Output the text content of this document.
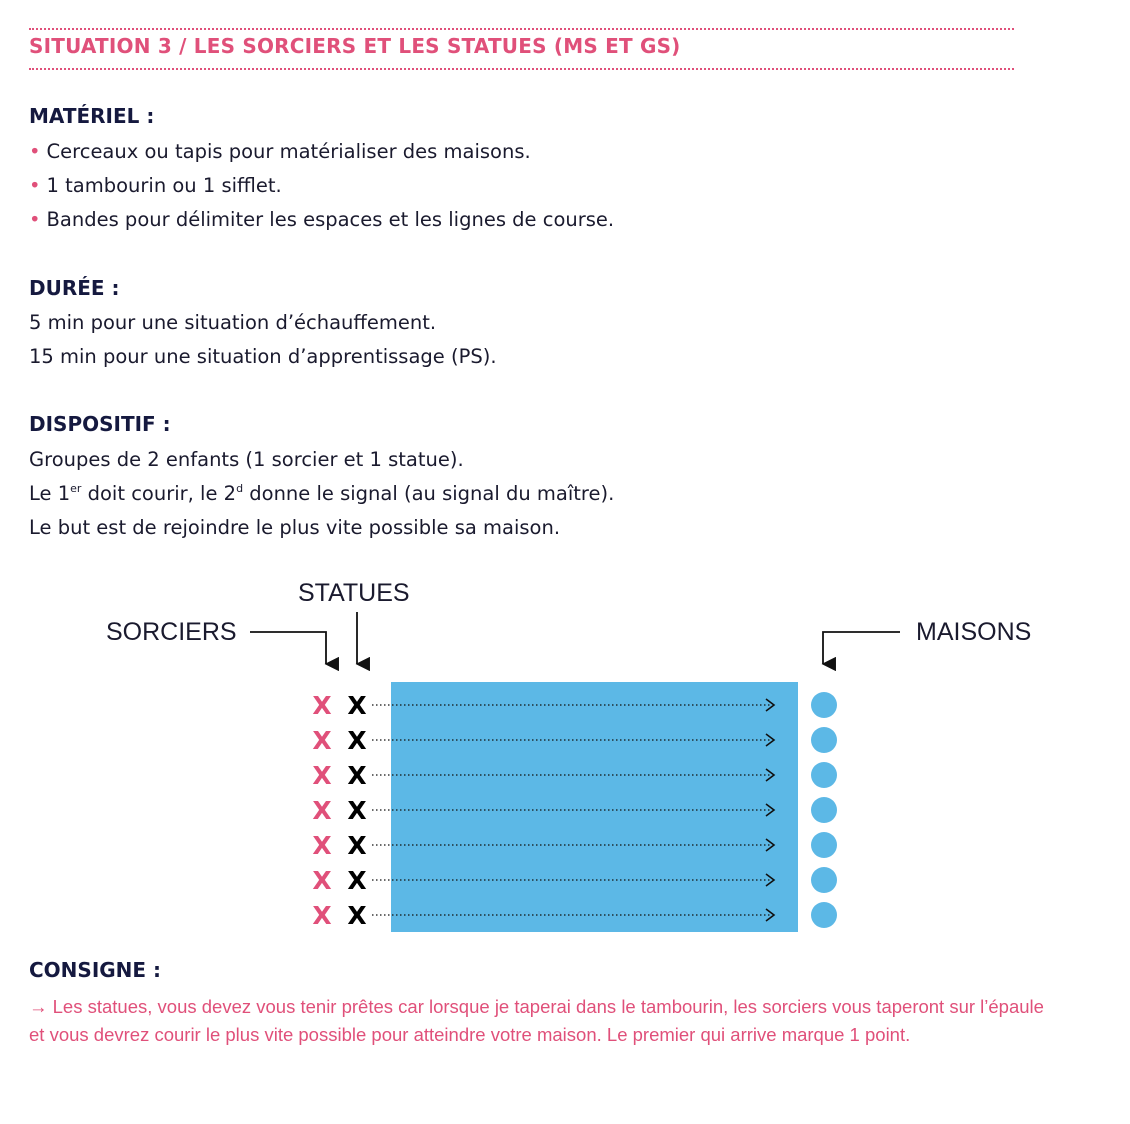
SITUATION 3 / LES SORCIERS ET LES STATUES (MS ET GS)
MATÉRIEL :

• Cerceaux ou tapis pour matérialiser des maisons.

• 1 tambourin ou 1 sifflet.

• Bandes pour délimiter les espaces et les lignes de course.

DURÉE :

5 min pour une situation d’échauffement.

15 min pour une situation d’apprentissage (PS).

DISPOSITIF :

Groupes de 2 enfants (1 sorcier et 1 statue).

Le 1er doit courir, le 2$^d$ donne le signal (au signal du maître).

Le but est de rejoindre le plus vite possible sa maison.

SORCIERS
STATUES
MAISONS
X X
X X
X X
X X
X X
X X
X X
CONSIGNE :

→ Les statues, vous devez vous tenir prêtes car lorsque je taperai dans le tambourin, les sorciers vous taperont sur l’épaule et vous devrez courir le plus vite possible pour atteindre votre maison. Le premier qui arrive marque 1 point.
